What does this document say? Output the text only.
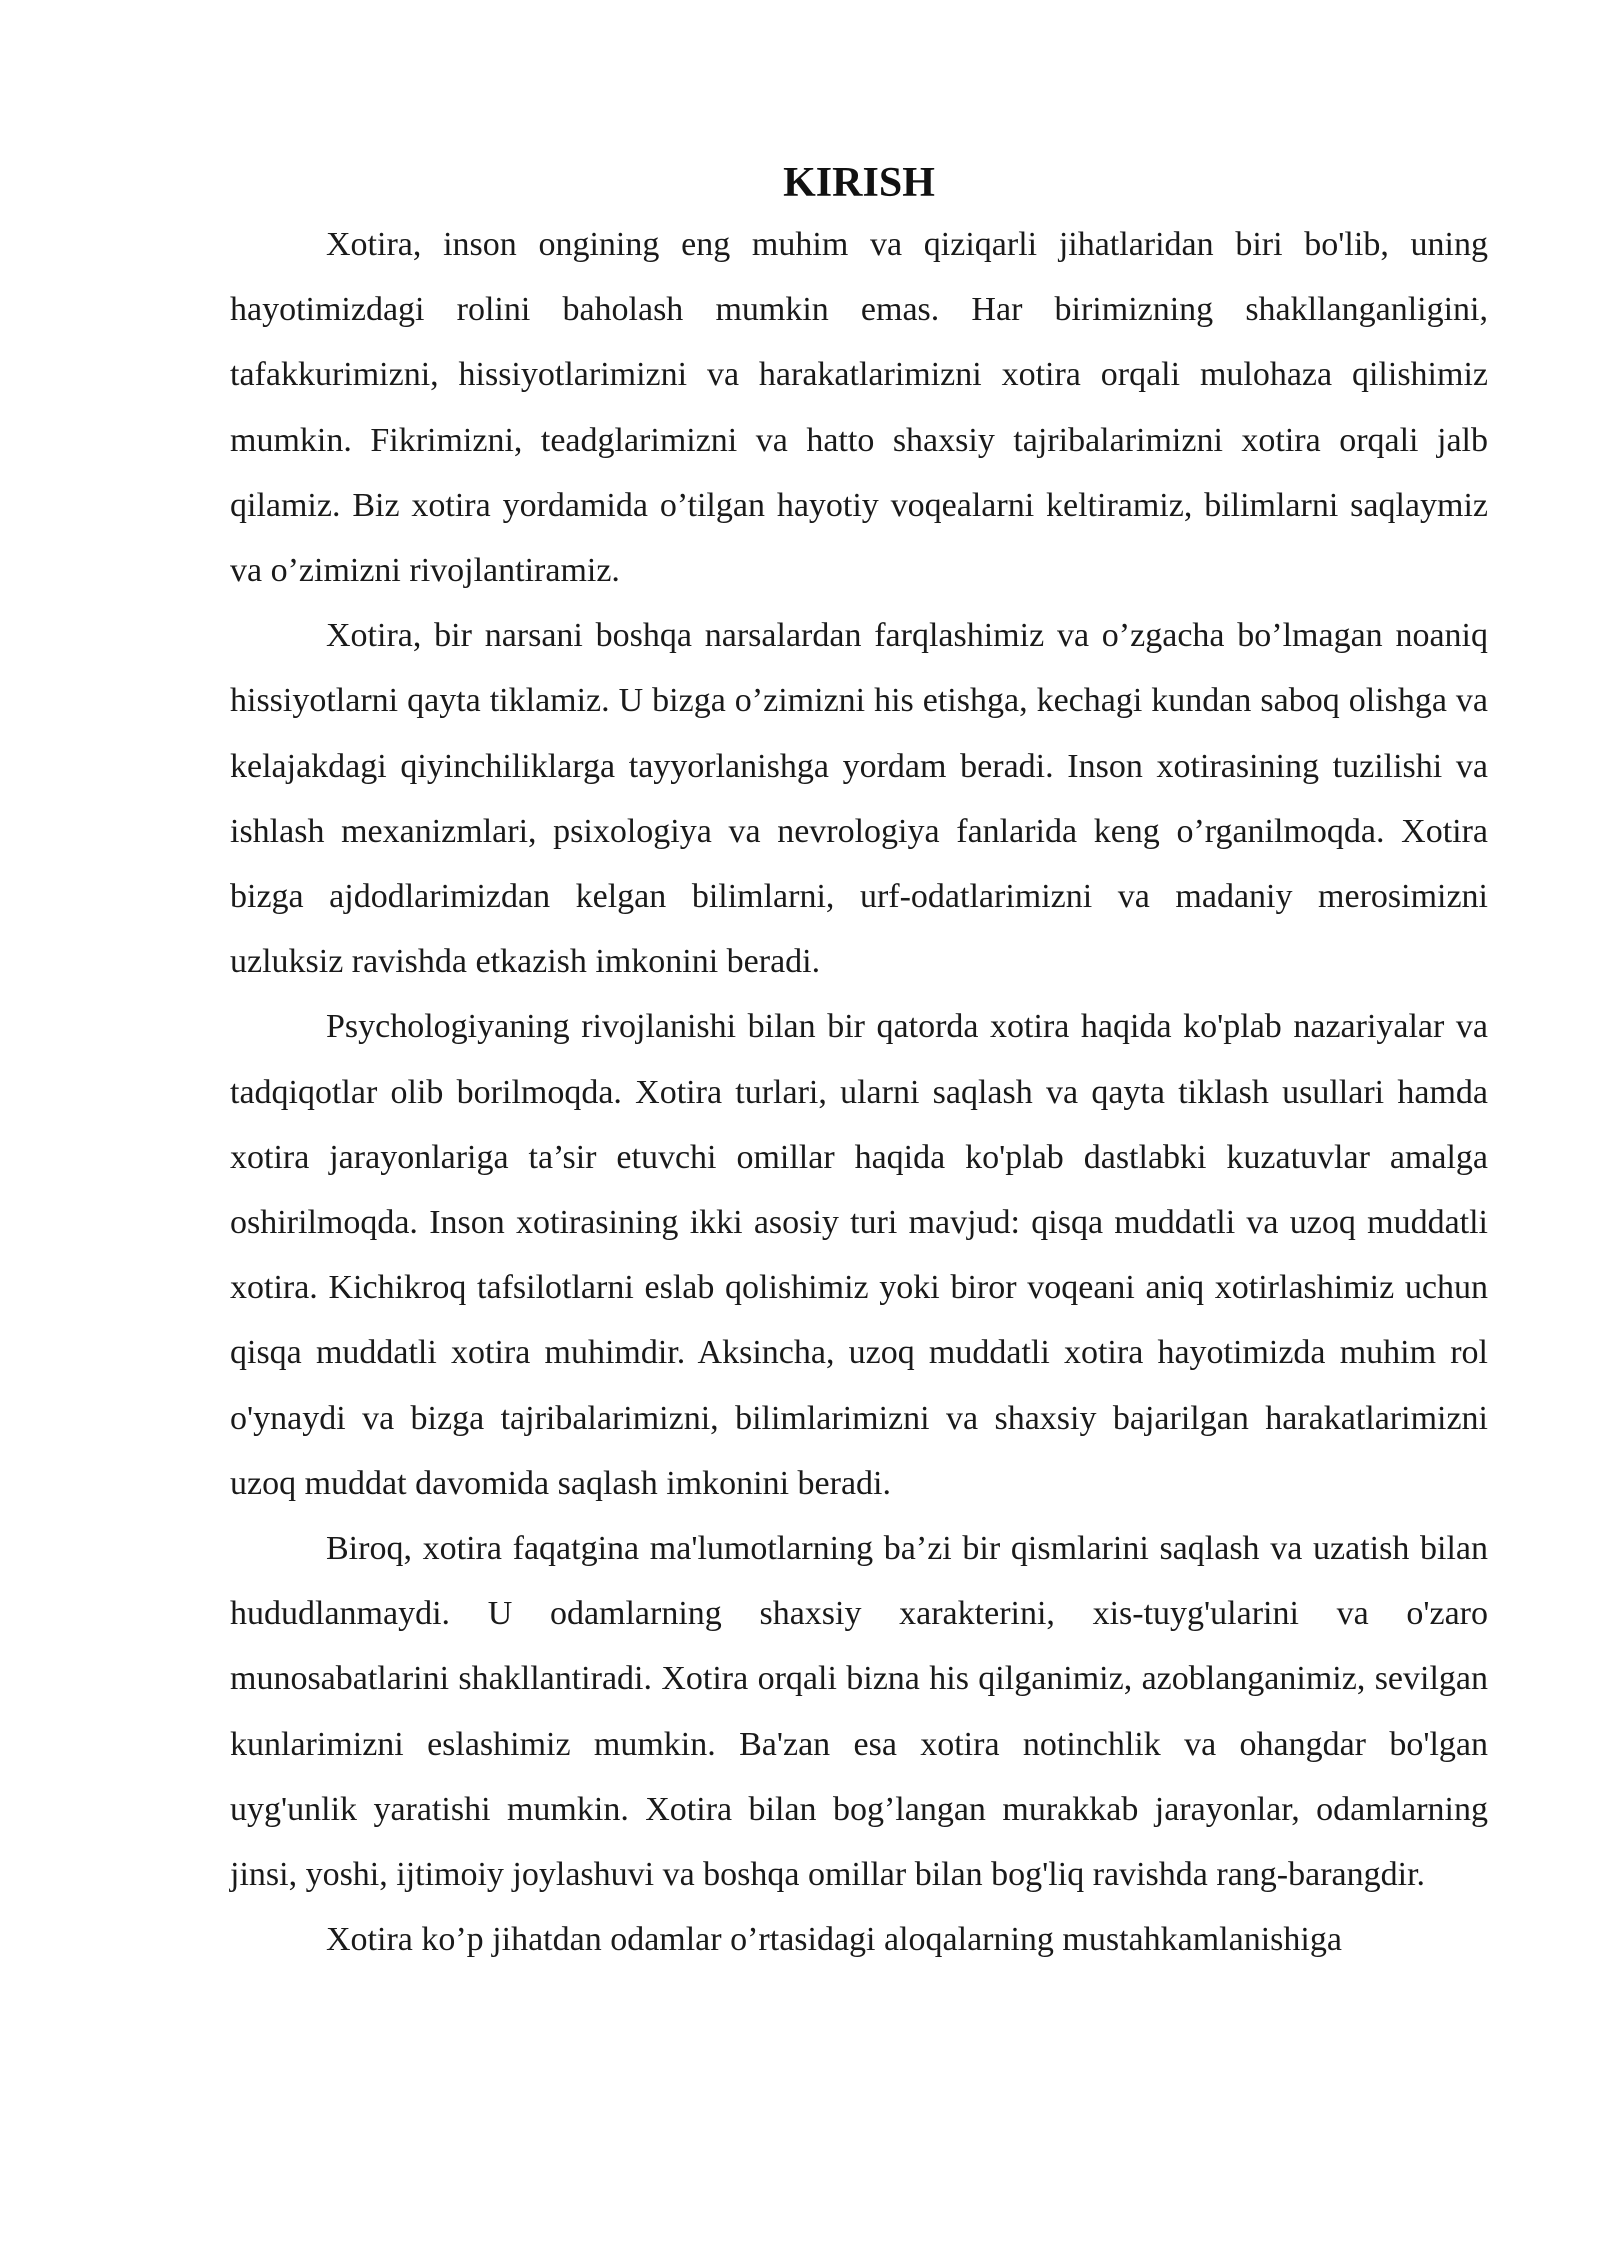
KIRISH

Xotira, inson ongining eng muhim va qiziqarli jihatlaridan biri bo'lib, uning hayotimizdagi rolini baholash mumkin emas. Har birimizning shakllanganligini, tafakkurimizni, hissiyotlarimizni va harakatlarimizni xotira orqali mulohaza qilishimiz mumkin. Fikrimizni, teadglarimizni va hatto shaxsiy tajribalarimizni xotira orqali jalb qilamiz. Biz xotira yordamida o’tilgan hayotiy voqealarni keltiramiz, bilimlarni saqlaymiz va o’zimizni rivojlantiramiz.

Xotira, bir narsani boshqa narsalardan farqlashimiz va o’zgacha bo’lmagan noaniq hissiyotlarni qayta tiklamiz. U bizga o’zimizni his etishga, kechagi kundan saboq olishga va kelajakdagi qiyinchiliklarga tayyorlanishga yordam beradi. Inson xotirasining tuzilishi va ishlash mexanizmlari, psixologiya va nevrologiya fanlarida keng o’rganilmoqda. Xotira bizga ajdodlarimizdan kelgan bilimlarni, urf-odatlarimizni va madaniy merosimizni uzluksiz ravishda etkazish imkonini beradi.

Psychologiyaning rivojlanishi bilan bir qatorda xotira haqida ko'plab nazariyalar va tadqiqotlar olib borilmoqda. Xotira turlari, ularni saqlash va qayta tiklash usullari hamda xotira jarayonlariga ta’sir etuvchi omillar haqida ko'plab dastlabki kuzatuvlar amalga oshirilmoqda. Inson xotirasining ikki asosiy turi mavjud: qisqa muddatli va uzoq muddatli xotira. Kichikroq tafsilotlarni eslab qolishimiz yoki biror voqeani aniq xotirlashimiz uchun qisqa muddatli xotira muhimdir. Aksincha, uzoq muddatli xotira hayotimizda muhim rol o'ynaydi va bizga tajribalarimizni, bilimlarimizni va shaxsiy bajarilgan harakatlarimizni uzoq muddat davomida saqlash imkonini beradi.

Biroq, xotira faqatgina ma'lumotlarning ba’zi bir qismlarini saqlash va uzatish bilan hududlanmaydi. U odamlarning shaxsiy xarakterini, xis-tuyg'ularini va o'zaro munosabatlarini shakllantiradi. Xotira orqali bizna his qilganimiz, azoblanganimiz, sevilgan kunlarimizni eslashimiz mumkin. Ba'zan esa xotira notinchlik va ohangdar bo'lgan uyg'unlik yaratishi mumkin. Xotira bilan bog’langan murakkab jarayonlar, odamlarning jinsi, yoshi, ijtimoiy joylashuvi va boshqa omillar bilan bog'liq ravishda rang-barangdir.

Xotira ko’p jihatdan odamlar o’rtasidagi aloqalarning mustahkamlanishiga
